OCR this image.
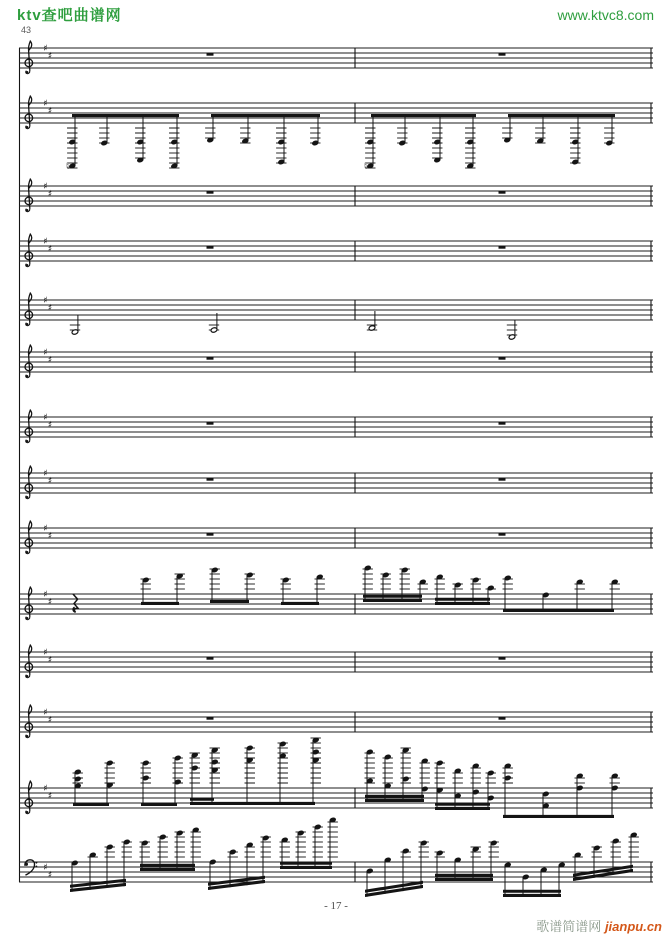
♯
♯
♯
♯
♮	♮
♯
♯
♯
♯
♯
♯
♯
♯
♯
♯
♯
♯
♯
♯
♯
♯
♯
♯
♯
♯
♯
♯
♯
♯
ktv查吧曲谱网	www.ktvc8.com
43
- 17 -
歌谱简谱网 jianpu.cn
